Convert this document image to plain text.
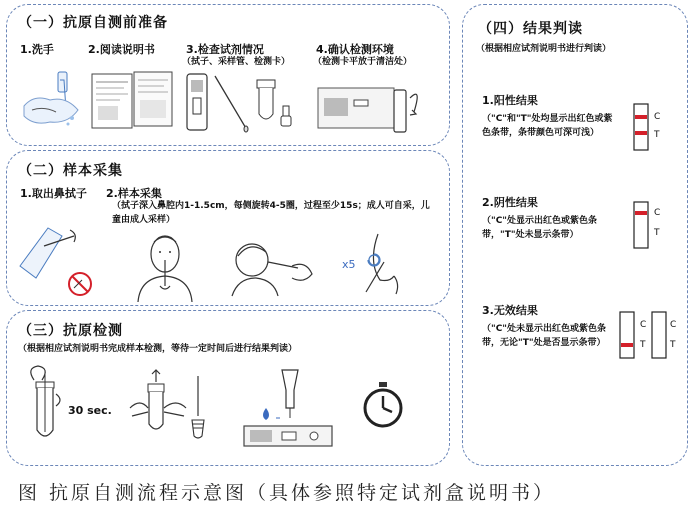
（一）抗原自测前准备
1.洗手	2.阅读说明书	3.检查试剂情况
（拭子、采样管、检测卡）
4.确认检测环境
（检测卡平放于清洁处）
（二）样本采集
1.取出鼻拭子 2.样本采集
（拭子深入鼻腔内1-1.5cm，每侧旋转4-5圈，过程至少15s；成人可自采，儿童由成人采样）
x5
（三）抗原检测
（根据相应试剂说明书完成样本检测，等待一定时间后进行结果判读）
30 sec.
（四）结果判读
（根据相应试剂说明书进行判读）
1.阳性结果
（"C"和"T"处均显示出红色或紫色条带，条带颜色可深可浅）
C
T
2.阴性结果
（"C"处显示出红色或紫色条带，"T"处未显示条带）
C
T
3.无效结果
（"C"处未显示出红色或紫色条带，无论"T"处是否显示条带）
C
T
C
T
图 抗原自测流程示意图（具体参照特定试剂盒说明书）
